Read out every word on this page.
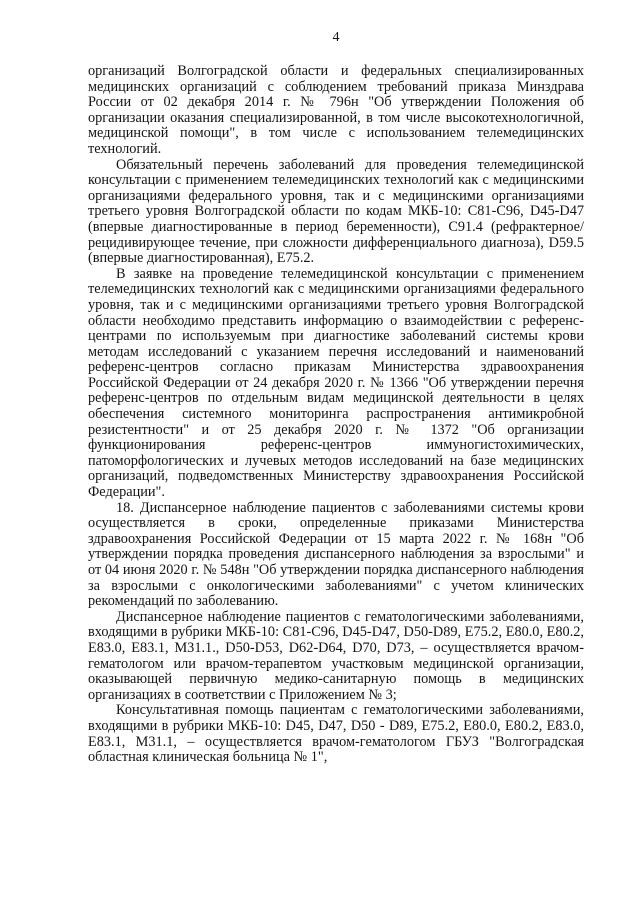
4

организаций Волгоградской области и федеральных специализированных медицинских организаций с соблюдением требований приказа Минздрава России от 02 декабря 2014 г. № 796н "Об утверждении Положения об организации оказания специализированной, в том числе высокотехнологичной, медицинской помощи", в том числе с использованием телемедицинских технологий.

Обязательный перечень заболеваний для проведения телемедицинской консультации с применением телемедицинских технологий как с медицинскими организациями федерального уровня, так и с медицинскими организациями третьего уровня Волгоградской области по кодам МКБ-10: С81-С96, D45-D47 (впервые диагностированные в период беременности), C91.4 (рефрактерное/рецидивирующее течение, при сложности дифференциального диагноза), D59.5 (впервые диагностированная), E75.2.

В заявке на проведение телемедицинской консультации с применением телемедицинских технологий как с медицинскими организациями федерального уровня, так и с медицинскими организациями третьего уровня Волгоградской области необходимо представить информацию о взаимодействии с референс-центрами по используемым при диагностике заболеваний системы крови методам исследований с указанием перечня исследований и наименований референс-центров согласно приказам Министерства здравоохранения Российской Федерации от 24 декабря 2020 г. № 1366 "Об утверждении перечня референс-центров по отдельным видам медицинской деятельности в целях обеспечения системного мониторинга распространения антимикробной резистентности" и от 25 декабря 2020 г. № 1372 "Об организации функционирования референс-центров иммуногистохимических, патоморфологических и лучевых методов исследований на базе медицинских организаций, подведомственных Министерству здравоохранения Российской Федерации".

18. Диспансерное наблюдение пациентов с заболеваниями системы крови осуществляется в сроки, определенные приказами Министерства здравоохранения Российской Федерации от 15 марта 2022 г. № 168н "Об утверждении порядка проведения диспансерного наблюдения за взрослыми" и от 04 июня 2020 г. № 548н "Об утверждении порядка диспансерного наблюдения за взрослыми с онкологическими заболеваниями" с учетом клинических рекомендаций по заболеванию.

Диспансерное наблюдение пациентов с гематологическими заболеваниями, входящими в рубрики МКБ-10: С81-С96, D45-D47, D50-D89, E75.2, E80.0, E80.2, E83.0, E83.1, M31.1., D50-D53, D62-D64, D70, D73, – осуществляется врачом-гематологом или врачом-терапевтом участковым медицинской организации, оказывающей первичную медико-санитарную помощь в медицинских организациях в соответствии с Приложением № 3;

Консультативная помощь пациентам с гематологическими заболеваниями, входящими в рубрики МКБ-10: D45, D47, D50 - D89, E75.2, E80.0, E80.2, E83.0, E83.1, M31.1, – осуществляется врачом-гематологом ГБУЗ "Волгоградская областная клиническая больница № 1",
